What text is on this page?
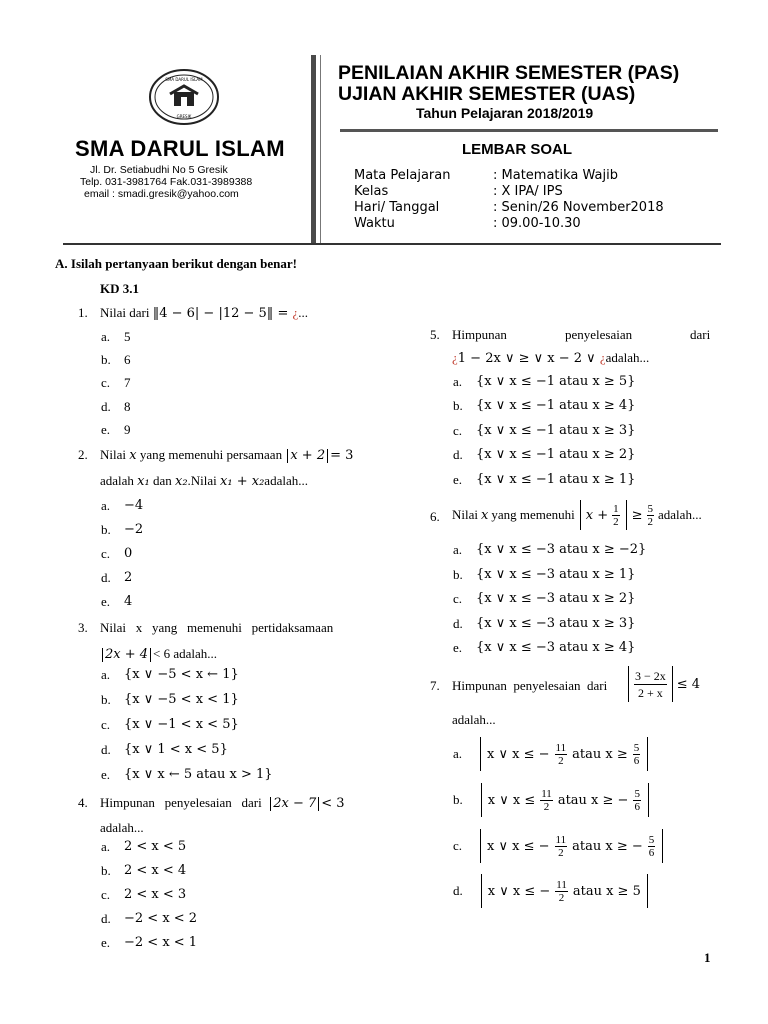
SMA DARUL ISLAM
GRESIK
SMA DARUL ISLAM
Jl. Dr. Setiabudhi No 5 Gresik
Telp. 031-3981764 Fak.031-3989388
email : smadi.gresik@yahoo.com
PENILAIAN AKHIR SEMESTER (PAS)
UJIAN AKHIR SEMESTER (UAS)
Tahun Pelajaran 2018/2019
LEMBAR SOAL
Mata Pelajaran	: Matematika Wajib
Kelas	: X IPA/ IPS
Hari/ Tanggal	: Senin/26 November2018
Waktu	: 09.00-10.30
A. Isilah pertanyaan berikut dengan benar!
KD 3.1
1. Nilai dari ‖4 − 6| − |12 − 5‖ = ¿...
a. 5
b. 6
c. 7
d. 8
e. 9
2. Nilai x yang memenuhi persamaan x + 2 = 3
adalah x₁ dan x₂.Nilai x₁ + x₂adalah...
a. −4
b. −2
c. 0
d. 2
e. 4
3. Nilai   x   yang   memenuhi   pertidaksamaan
2x + 4 < 6 adalah...
a. {x ∨ −5 < x ← 1}
b. {x ∨ −5 < x < 1}
c. {x ∨ −1 < x < 5}
d. {x ∨ 1 < x < 5}
e. {x ∨ x ← 5 atau x > 1}
4. Himpunan   penyelesaian   dari 2x − 7 < 3
adalah...
a. 2 < x < 5
b. 2 < x < 4
c. 2 < x < 3
d. −2 < x < 2
e. −2 < x < 1
5. Himpunan	penyelesaian	dari
¿1 − 2x ∨ ≥ ∨ x − 2 ∨ ¿adalah...
a. {x ∨ x ≤ −1 atau x ≥ 5}
b. {x ∨ x ≤ −1 atau x ≥ 4}
c. {x ∨ x ≤ −1 atau x ≥ 3}
d. {x ∨ x ≤ −1 atau x ≥ 2}
e. {x ∨ x ≤ −1 atau x ≥ 1}
6. Nilai x yang memenuhi $x + \frac{1}{2} \ge \frac{5}{2}$ adalah...
a. {x ∨ x ≤ −3 atau x ≥ −2}
b. {x ∨ x ≤ −3 atau x ≥ 1}
c. {x ∨ x ≤ −3 atau x ≥ 2}
d. {x ∨ x ≤ −3 atau x ≥ 3}
e. {x ∨ x ≤ −3 atau x ≥ 4}
7. Himpunan  penyelesaian  dari $\frac{3 - 2x}{2 + x} \le 4$
adalah...
a. x ∨ x ≤ − $\frac{11}{2}$ atau $x \ge \frac{5}{6}$
b. x ∨ $x \le \frac{11}{2}$ atau x ≥ − $\frac{5}{6}$
c. x ∨ x ≤ − $\frac{11}{2}$ atau x ≥ − $\frac{5}{6}$
d. x ∨ x ≤ − $\frac{11}{2}$ atau x ≥ 5
1
